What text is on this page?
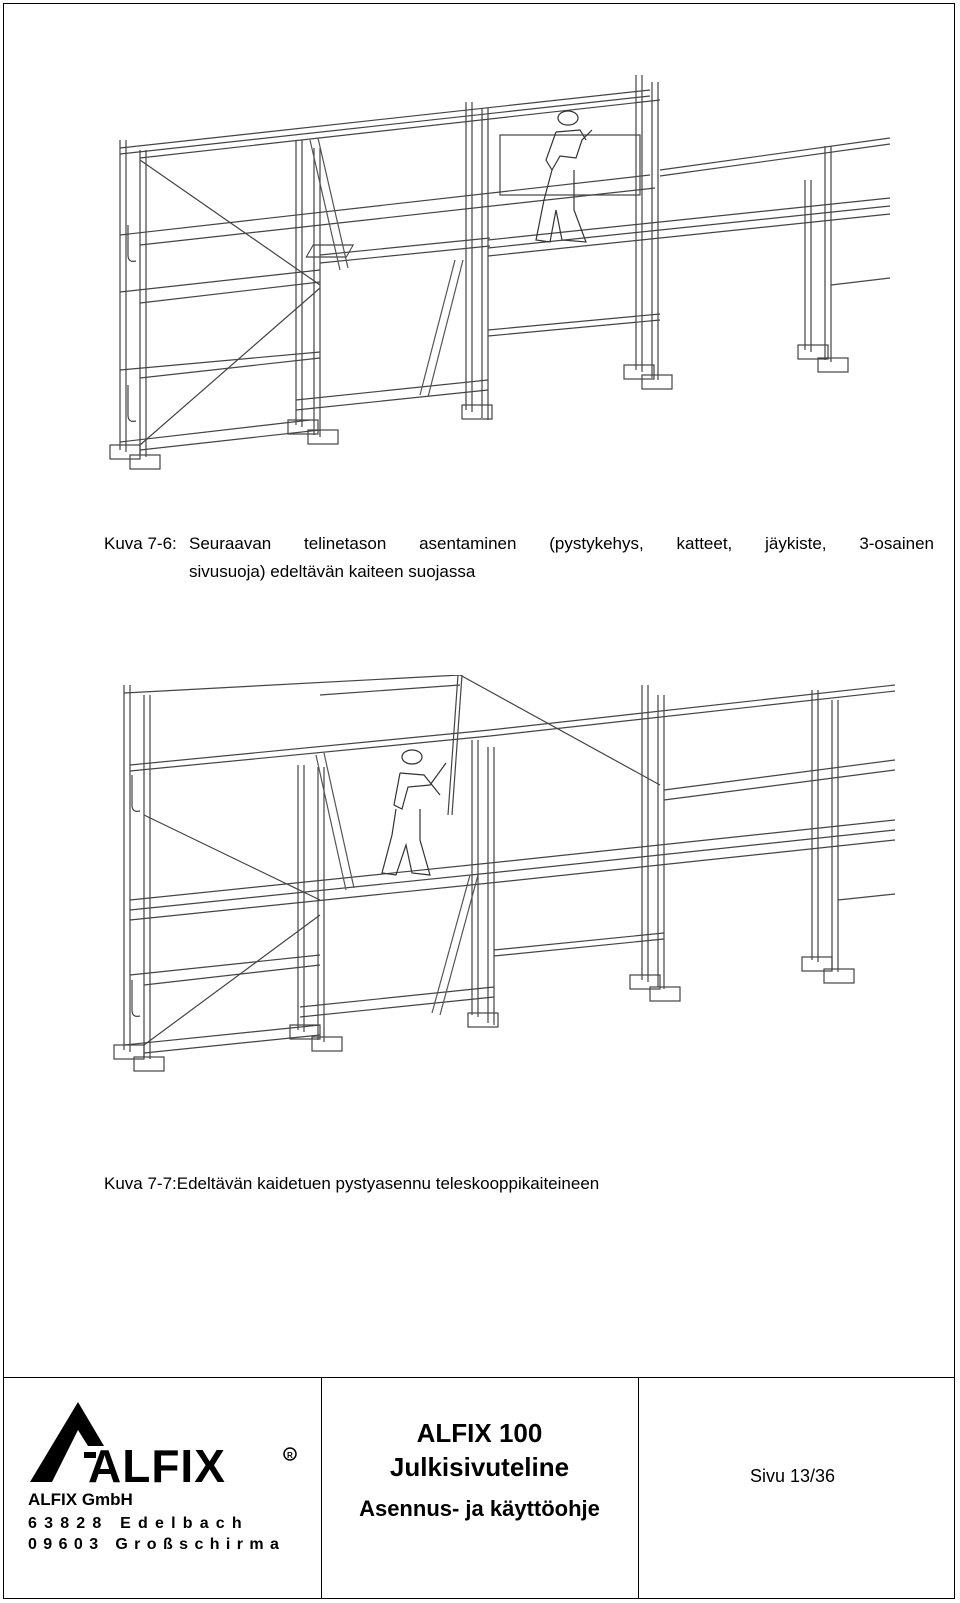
Kuva 7-6: Seuraavan telinetason asentaminen (pystykehys, katteet, jäykiste, 3-osainen
sivusuoja) edeltävän kaiteen suojassa
Kuva 7-7:Edeltävän kaidetuen pystyasennu teleskooppikaiteineen
ALFIX	R
ALFIX GmbH
63828 Edelbach
09603 Großschirma
ALFIX 100
Julkisivuteline
Asennus- ja käyttöohje
Sivu 13/36
